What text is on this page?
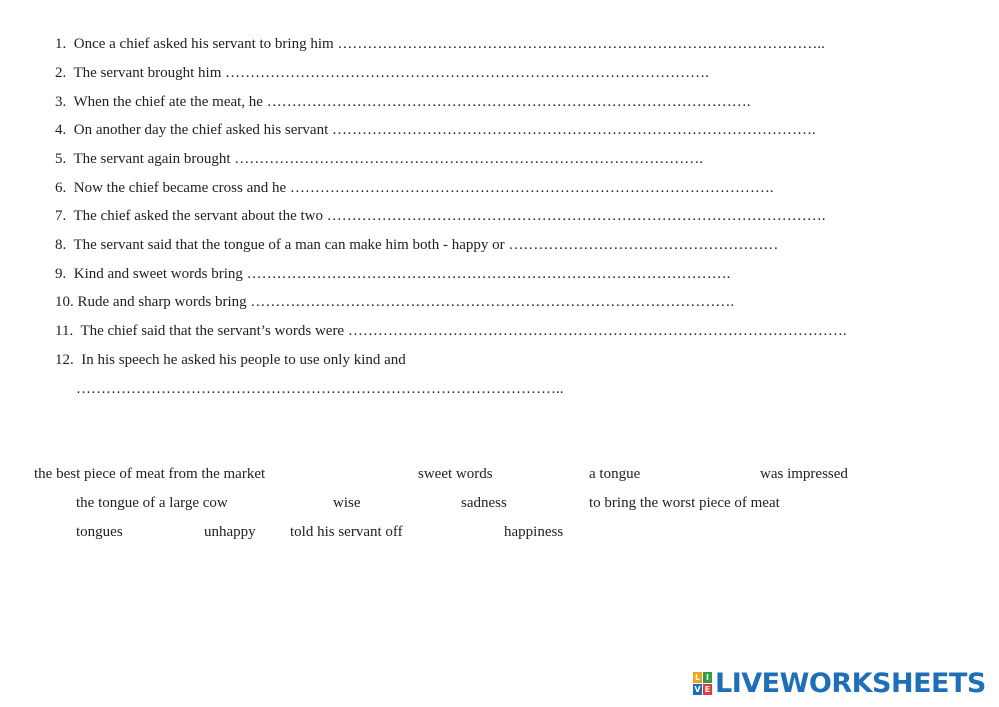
1. Once a chief asked his servant to bring him ……………………………………………………………………………………..
2. The servant brought him …………………………………………………………………………………….
3. When the chief ate the meat, he …………………………………………………………………………………….
4. On another day the chief asked his servant …………………………………………………………………………………….
5. The servant again brought ………………………………………………………………………………….
6. Now the chief became cross and he …………………………………………………………………………………….
7. The chief asked the servant about the two ……………………………………………………………………………………….
8. The servant said that the tongue of a man can make him both - happy or ………………………………………………
9. Kind and sweet words bring …………………………………………………………………………………….
10. Rude and sharp words bring …………………………………………………………………………………….
11. The chief said that the servant’s words were ……………………………………………………………………………………….
12. In his speech he asked his people to use only kind and
……………………………………………………………………………………..
the best piece of meat from the market	sweet words	a tongue	was impressed
the tongue of a large cow	wise	sadness	to bring the worst piece of meat
tongues	unhappy told his servant off	happiness
L I
V E LIVEWORKSHEETS
